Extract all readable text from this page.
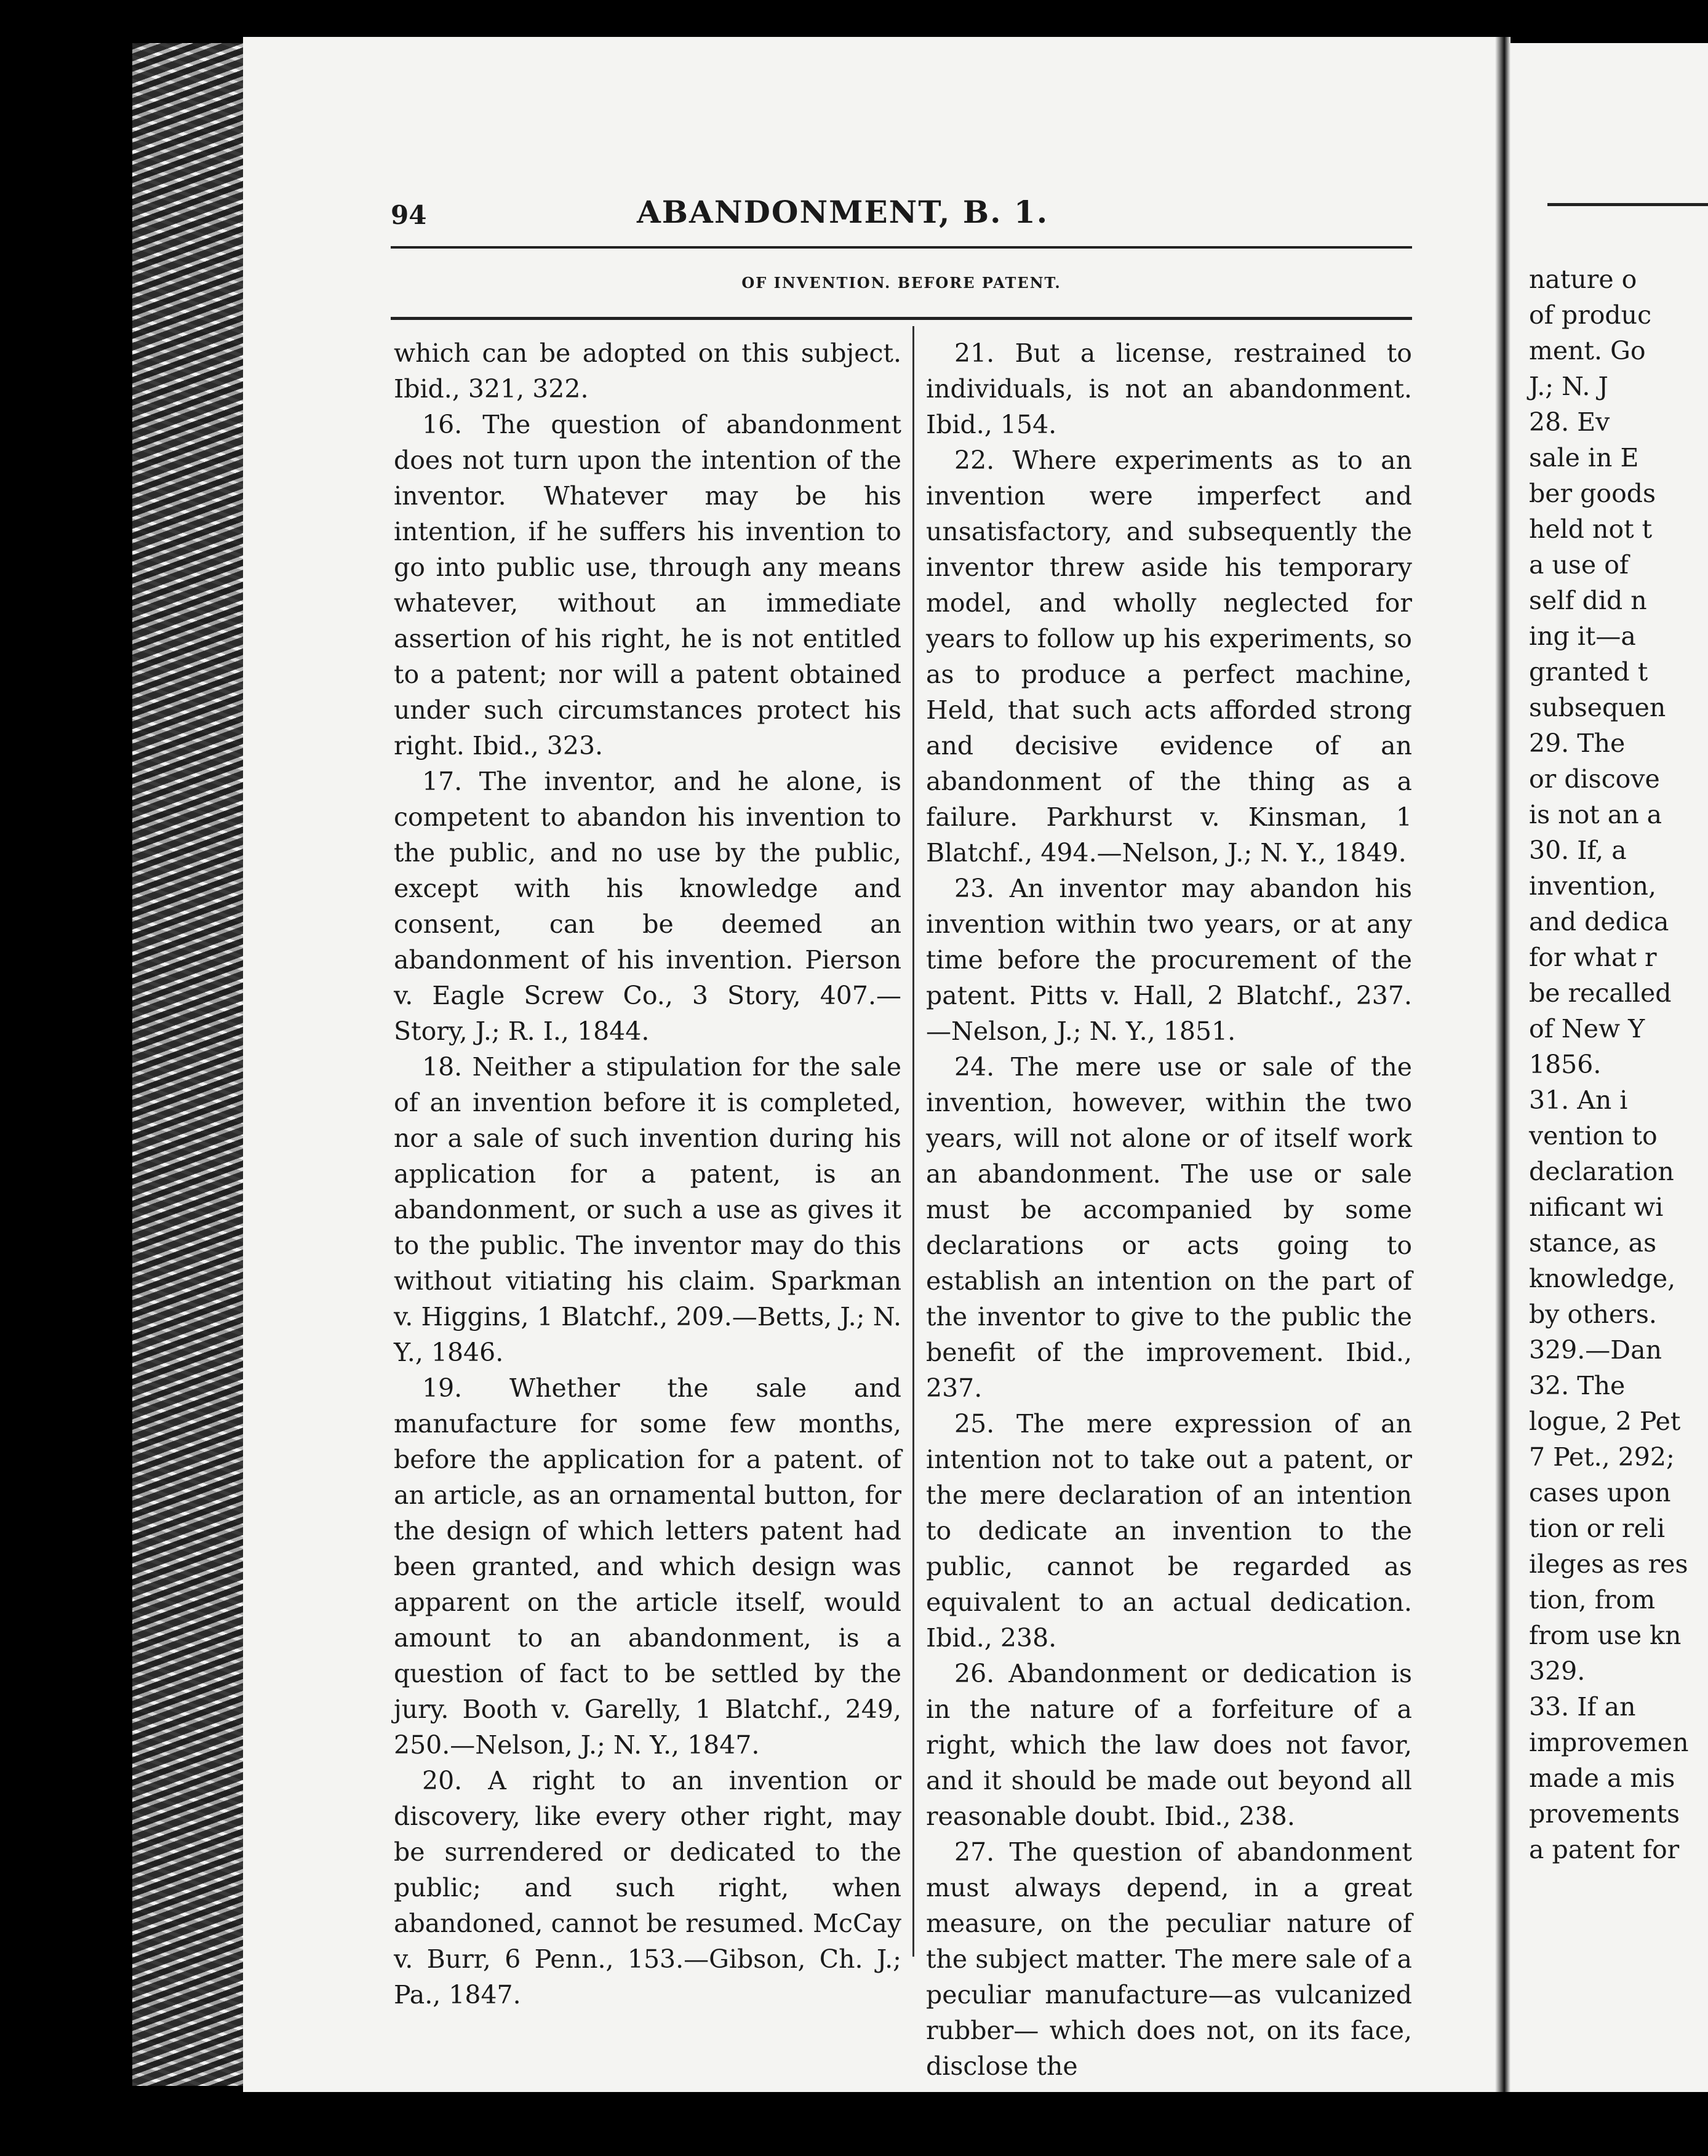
94	ABANDONMENT, B. 1.
OF INVENTION. BEFORE PATENT.

which can be adopted on this subject. Ibid., 321, 322.

16. The question of abandonment does not turn upon the intention of the inventor. Whatever may be his intention, if he suffers his invention to go into public use, through any means whatever, without an immediate assertion of his right, he is not entitled to a patent; nor will a patent obtained under such circumstances protect his right. Ibid., 323.

17. The inventor, and he alone, is competent to abandon his invention to the public, and no use by the public, except with his knowledge and consent, can be deemed an abandonment of his invention. Pierson v. Eagle Screw Co., 3 Story, 407.—Story, J.; R. I., 1844.

18. Neither a stipulation for the sale of an invention before it is completed, nor a sale of such invention during his application for a patent, is an abandonment, or such a use as gives it to the public. The inventor may do this without vitiating his claim. Sparkman v. Higgins, 1 Blatchf., 209.—Betts, J.; N. Y., 1846.

19. Whether the sale and manufacture for some few months, before the application for a patent. of an article, as an ornamental button, for the design of which letters patent had been granted, and which design was apparent on the article itself, would amount to an abandonment, is a question of fact to be settled by the jury. Booth v. Garelly, 1 Blatchf., 249, 250.—Nelson, J.; N. Y., 1847.

20. A right to an invention or discovery, like every other right, may be surrendered or dedicated to the public; and such right, when abandoned, cannot be resumed. McCay v. Burr, 6 Penn., 153.—Gibson, Ch. J.; Pa., 1847.

21. But a license, restrained to individuals, is not an abandonment. Ibid., 154.

22. Where experiments as to an invention were imperfect and unsatisfactory, and subsequently the inventor threw aside his temporary model, and wholly neglected for years to follow up his experiments, so as to produce a perfect machine, Held, that such acts afforded strong and decisive evidence of an abandonment of the thing as a failure. Parkhurst v. Kinsman, 1 Blatchf., 494.—Nelson, J.; N. Y., 1849.

23. An inventor may abandon his invention within two years, or at any time before the procurement of the patent. Pitts v. Hall, 2 Blatchf., 237. —Nelson, J.; N. Y., 1851.

24. The mere use or sale of the invention, however, within the two years, will not alone or of itself work an abandonment. The use or sale must be accompanied by some declarations or acts going to establish an intention on the part of the inventor to give to the public the benefit of the improvement. Ibid., 237.

25. The mere expression of an intention not to take out a patent, or the mere declaration of an intention to dedicate an invention to the public, cannot be regarded as equivalent to an actual dedication. Ibid., 238.

26. Abandonment or dedication is in the nature of a forfeiture of a right, which the law does not favor, and it should be made out beyond all reasonable doubt. Ibid., 238.

27. The question of abandonment must always depend, in a great measure, on the peculiar nature of the subject matter. The mere sale of a peculiar manufacture—as vulcanized rubber— which does not, on its face, disclose the

nature o
of produc
ment. Go
J.; N. J
28. Ev
sale in E
ber goods
held not t
a use of
self did n
ing it—a
granted t
subsequen
29. The
or discove
is not an a
30. If, a
invention,
and dedica
for what r
be recalled
of New Y
1856.
31. An i
vention to
declaration
nificant wi
stance, as
knowledge,
by others.
329.—Dan
32. The
logue, 2 Pet
7 Pet., 292;
cases upon
tion or reli
ileges as res
tion, from
from use kn
329.
33. If an
improvemen
made a mis
provements
a patent for
